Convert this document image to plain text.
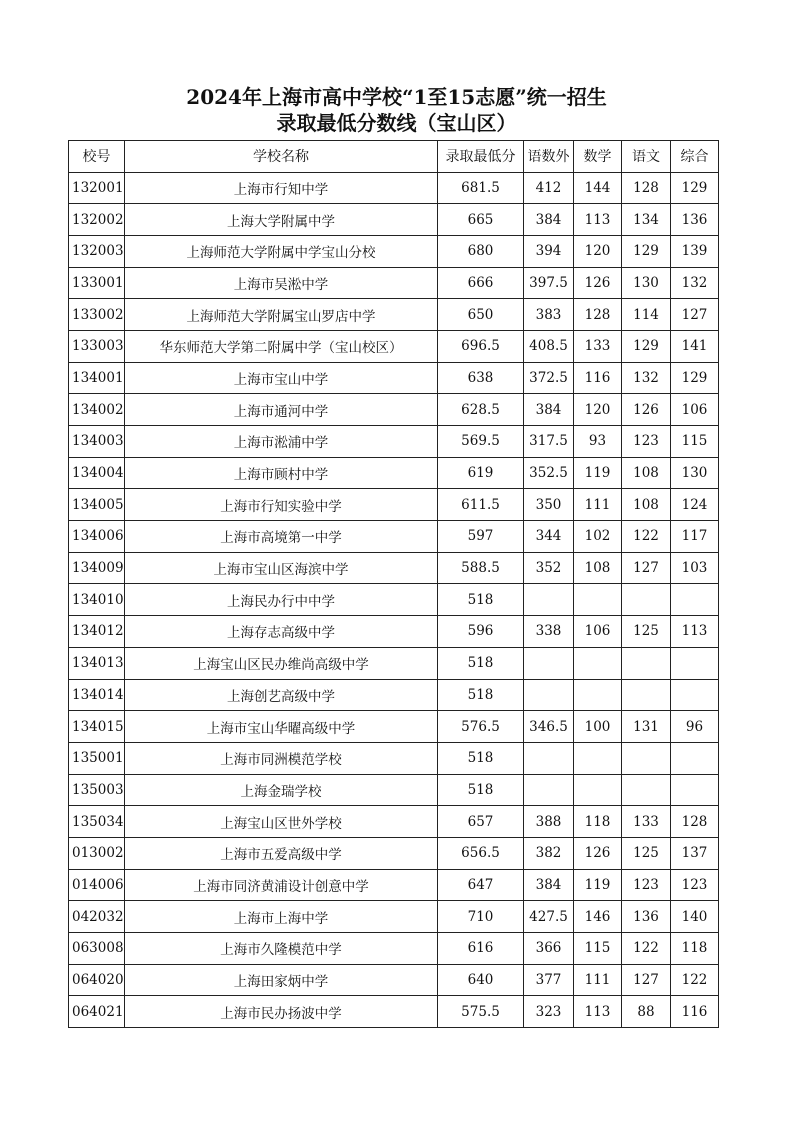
2024年上海市高中学校“1至15志愿”统一招生
录取最低分数线（宝山区）
校号	学校名称	录取最低分	语数外	数学	语文	综合
132001	上海市行知中学	681.5	412	144	128	129
132002	上海大学附属中学	665	384	113	134	136
132003	上海师范大学附属中学宝山分校	680	394	120	129	139
133001	上海市吴淞中学	666	397.5	126	130	132
133002	上海师范大学附属宝山罗店中学	650	383	128	114	127
133003	华东师范大学第二附属中学（宝山校区）	696.5	408.5	133	129	141
134001	上海市宝山中学	638	372.5	116	132	129
134002	上海市通河中学	628.5	384	120	126	106
134003	上海市淞浦中学	569.5	317.5	93	123	115
134004	上海市顾村中学	619	352.5	119	108	130
134005	上海市行知实验中学	611.5	350	111	108	124
134006	上海市高境第一中学	597	344	102	122	117
134009	上海市宝山区海滨中学	588.5	352	108	127	103
134010	上海民办行中中学	518				
134012	上海存志高级中学	596	338	106	125	113
134013	上海宝山区民办维尚高级中学	518				
134014	上海创艺高级中学	518				
134015	上海市宝山华曜高级中学	576.5	346.5	100	131	96
135001	上海市同洲模范学校	518				
135003	上海金瑞学校	518				
135034	上海宝山区世外学校	657	388	118	133	128
013002	上海市五爱高级中学	656.5	382	126	125	137
014006	上海市同济黄浦设计创意中学	647	384	119	123	123
042032	上海市上海中学	710	427.5	146	136	140
063008	上海市久隆模范中学	616	366	115	122	118
064020	上海田家炳中学	640	377	111	127	122
064021	上海市民办扬波中学	575.5	323	113	88	116
